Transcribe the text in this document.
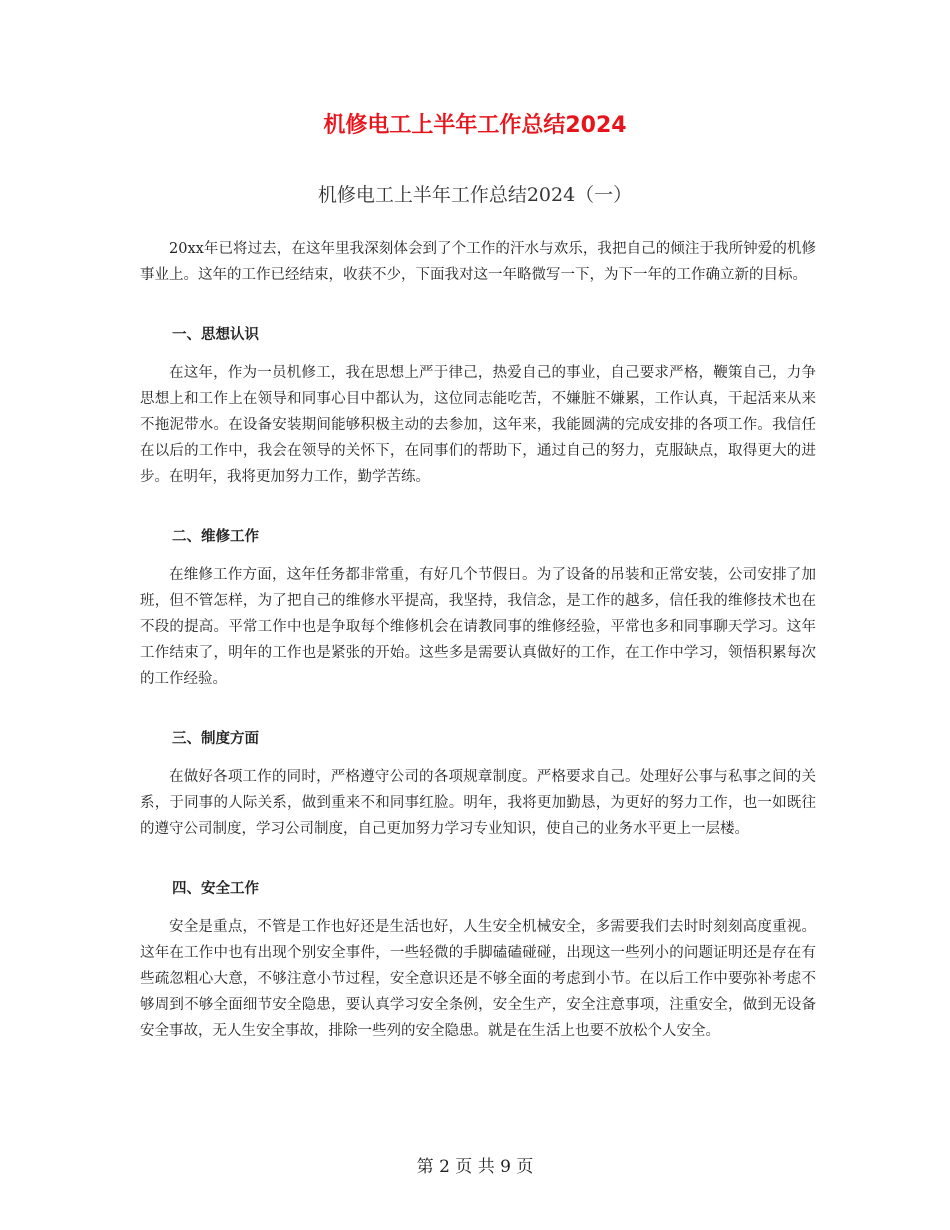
机修电工上半年工作总结2024
机修电工上半年工作总结2024（一）

20xx年已将过去，在这年里我深刻体会到了个工作的汗水与欢乐，我把自己的倾注于我所钟爱的机修事业上。这年的工作已经结束，收获不少，下面我对这一年略微写一下，为下一年的工作确立新的目标。

一、思想认识

在这年，作为一员机修工，我在思想上严于律己，热爱自己的事业，自己要求严格，鞭策自己，力争思想上和工作上在领导和同事心目中都认为，这位同志能吃苦，不嫌脏不嫌累，工作认真，干起活来从来不拖泥带水。在设备安装期间能够积极主动的去参加，这年来，我能圆满的完成安排的各项工作。我信任在以后的工作中，我会在领导的关怀下，在同事们的帮助下，通过自己的努力，克服缺点，取得更大的进步。在明年，我将更加努力工作，勤学苦练。

二、维修工作

在维修工作方面，这年任务都非常重，有好几个节假日。为了设备的吊装和正常安装，公司安排了加班，但不管怎样，为了把自己的维修水平提高，我坚持，我信念，是工作的越多，信任我的维修技术也在不段的提高。平常工作中也是争取每个维修机会在请教同事的维修经验，平常也多和同事聊天学习。这年工作结束了，明年的工作也是紧张的开始。这些多是需要认真做好的工作，在工作中学习，领悟积累每次的工作经验。

三、制度方面

在做好各项工作的同时，严格遵守公司的各项规章制度。严格要求自己。处理好公事与私事之间的关系，于同事的人际关系，做到重来不和同事红脸。明年，我将更加勤恳，为更好的努力工作，也一如既往的遵守公司制度，学习公司制度，自己更加努力学习专业知识，使自己的业务水平更上一层楼。

四、安全工作

安全是重点，不管是工作也好还是生活也好，人生安全机械安全，多需要我们去时时刻刻高度重视。这年在工作中也有出现个别安全事件，一些轻微的手脚磕磕碰碰，出现这一些列小的问题证明还是存在有些疏忽粗心大意，不够注意小节过程，安全意识还是不够全面的考虑到小节。在以后工作中要弥补考虑不够周到不够全面细节安全隐患，要认真学习安全条例，安全生产，安全注意事项，注重安全，做到无设备安全事故，无人生安全事故，排除一些列的安全隐患。就是在生活上也要不放松个人安全。

第 2 页 共 9 页
